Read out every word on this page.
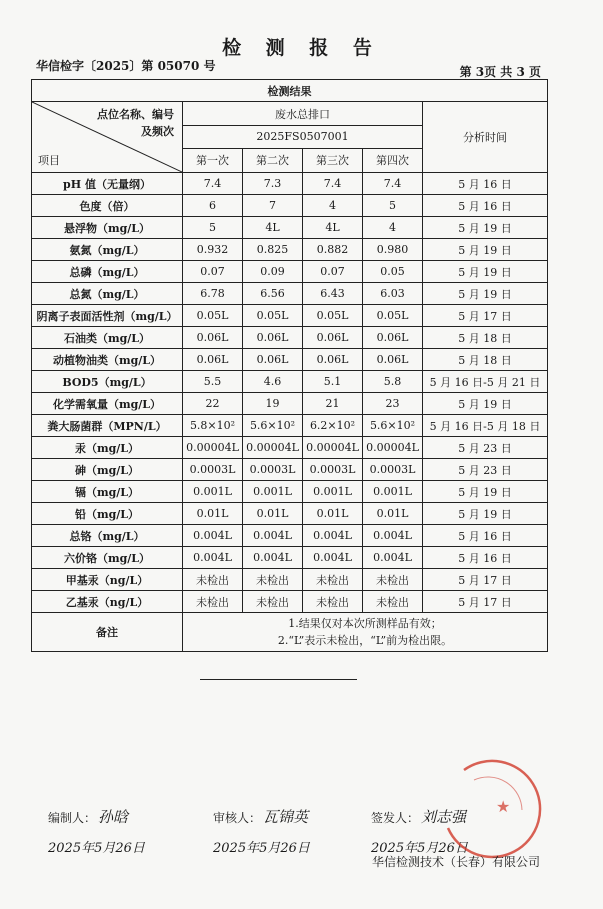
检 测 报 告
华信检字〔2025〕第 05070 号	第 3页 共 3 页
检测结果					

点位名称、编号
及频次
项目	废水总排口				分析时间
	2025FS0507001				
	第一次	第二次	第三次	第四次	
pH 值（无量纲）	7.4	7.3	7.4	7.4	5 月 16 日
色度（倍）	6	7	4	5	5 月 16 日
悬浮物（mg/L）	5	4L	4L	4	5 月 19 日
氨氮（mg/L）	0.932	0.825	0.882	0.980	5 月 19 日
总磷（mg/L）	0.07	0.09	0.07	0.05	5 月 19 日
总氮（mg/L）	6.78	6.56	6.43	6.03	5 月 19 日
阴离子表面活性剂（mg/L）	0.05L	0.05L	0.05L	0.05L	5 月 17 日
石油类（mg/L）	0.06L	0.06L	0.06L	0.06L	5 月 18 日
动植物油类（mg/L）	0.06L	0.06L	0.06L	0.06L	5 月 18 日
BOD5（mg/L）	5.5	4.6	5.1	5.8	5 月 16 日-5 月 21 日
化学需氧量（mg/L）	22	19	21	23	5 月 19 日
粪大肠菌群（MPN/L）	5.8×10²	5.6×10²	6.2×10²	5.6×10²	5 月 16 日-5 月 18 日
汞（mg/L）	0.00004L	0.00004L	0.00004L	0.00004L	5 月 23 日
砷（mg/L）	0.0003L	0.0003L	0.0003L	0.0003L	5 月 23 日
镉（mg/L）	0.001L	0.001L	0.001L	0.001L	5 月 19 日
铅（mg/L）	0.01L	0.01L	0.01L	0.01L	5 月 19 日
总铬（mg/L）	0.004L	0.004L	0.004L	0.004L	5 月 16 日
六价铬（mg/L）	0.004L	0.004L	0.004L	0.004L	5 月 16 日
甲基汞（ng/L）	未检出	未检出	未检出	未检出	5 月 17 日
乙基汞（ng/L）	未检出	未检出	未检出	未检出	5 月 17 日
备注	1.结果仅对本次所测样品有效；
2.“L”表示未检出，“L”前为检出限。				
编制人： 孙晗
2025年5月26日
审核人： 瓦锦英
2025年5月26日
签发人： 刘志强
2025年5月26日
★
华信检测技术（长春）有限公司
